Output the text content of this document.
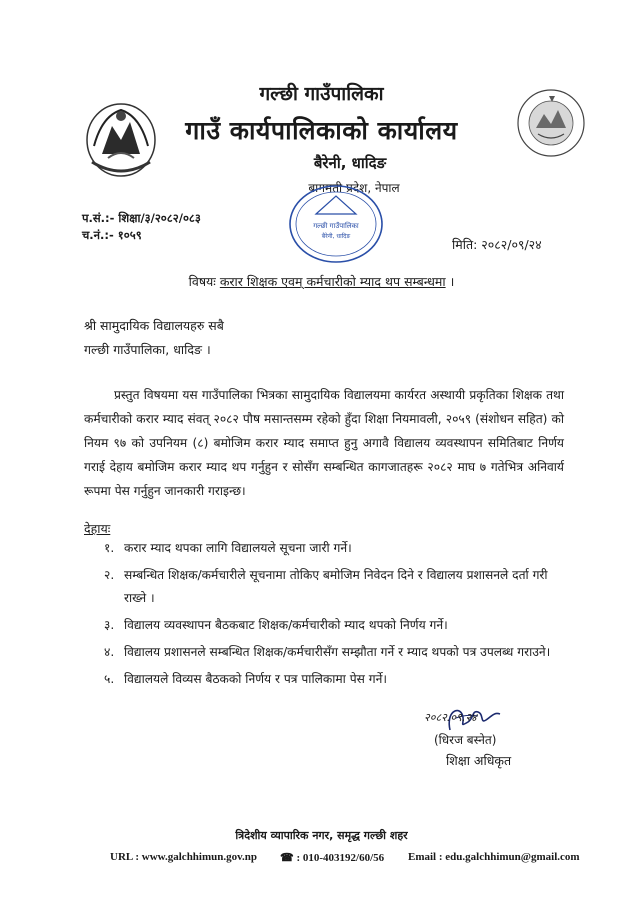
गल्छी गाउँपालिका
गाउँ कार्यपालिकाको कार्यालय
बैरेनी, धादिङ
बागमती प्रदेश, नेपाल
गल्छी गाउँपालिका
बैरेनी, धादिङ
प.सं.:- शिक्षा/३/२०८२/०८३
च.नं.:- १०५९
मिति: २०८२/०९/२४
विषयः करार शिक्षक एवम् कर्मचारीको म्याद थप सम्बन्धमा ।
श्री सामुदायिक विद्यालयहरु सबै
गल्छी गाउँपालिका, धादिङ ।
प्रस्तुत विषयमा यस गाउँपालिका भित्रका सामुदायिक विद्यालयमा कार्यरत अस्थायी प्रकृतिका शिक्षक तथा कर्मचारीको करार म्याद संवत् २०८२ पौष मसान्तसम्म रहेको हुँदा शिक्षा नियमावली, २०५९ (संशोधन सहित) को नियम ९७ को उपनियम (८) बमोजिम करार म्याद समाप्त हुनु अगावै विद्यालय व्यवस्थापन समितिबाट निर्णय गराई देहाय बमोजिम करार म्याद थप गर्नुहुन र सोसँग सम्बन्धित कागजातहरू २०८२ माघ ७ गतेभित्र अनिवार्य रूपमा पेस गर्नुहुन जानकारी गराइन्छ।
देहायः
१. करार म्याद थपका लागि विद्यालयले सूचना जारी गर्ने।
२. सम्बन्धित शिक्षक/कर्मचारीले सूचनामा तोकिए बमोजिम निवेदन दिने र विद्यालय प्रशासनले दर्ता गरी राख्ने ।
३. विद्यालय व्यवस्थापन बैठकबाट शिक्षक/कर्मचारीको म्याद थपको निर्णय गर्ने।
४. विद्यालय प्रशासनले सम्बन्धित शिक्षक/कर्मचारीसँग सम्झौता गर्ने र म्याद थपको पत्र उपलब्ध गराउने।
५. विद्यालयले विव्यस बैठकको निर्णय र पत्र पालिकामा पेस गर्ने।
२०८२.०९.२४
(धिरज बस्नेत)
शिक्षा अधिकृत
त्रिदेशीय व्यापारिक नगर, समृद्ध गल्छी शहर
URL : www.galchhimun.gov.np ☎ : 010-403192/60/56 Email : edu.galchhimun@gmail.com
